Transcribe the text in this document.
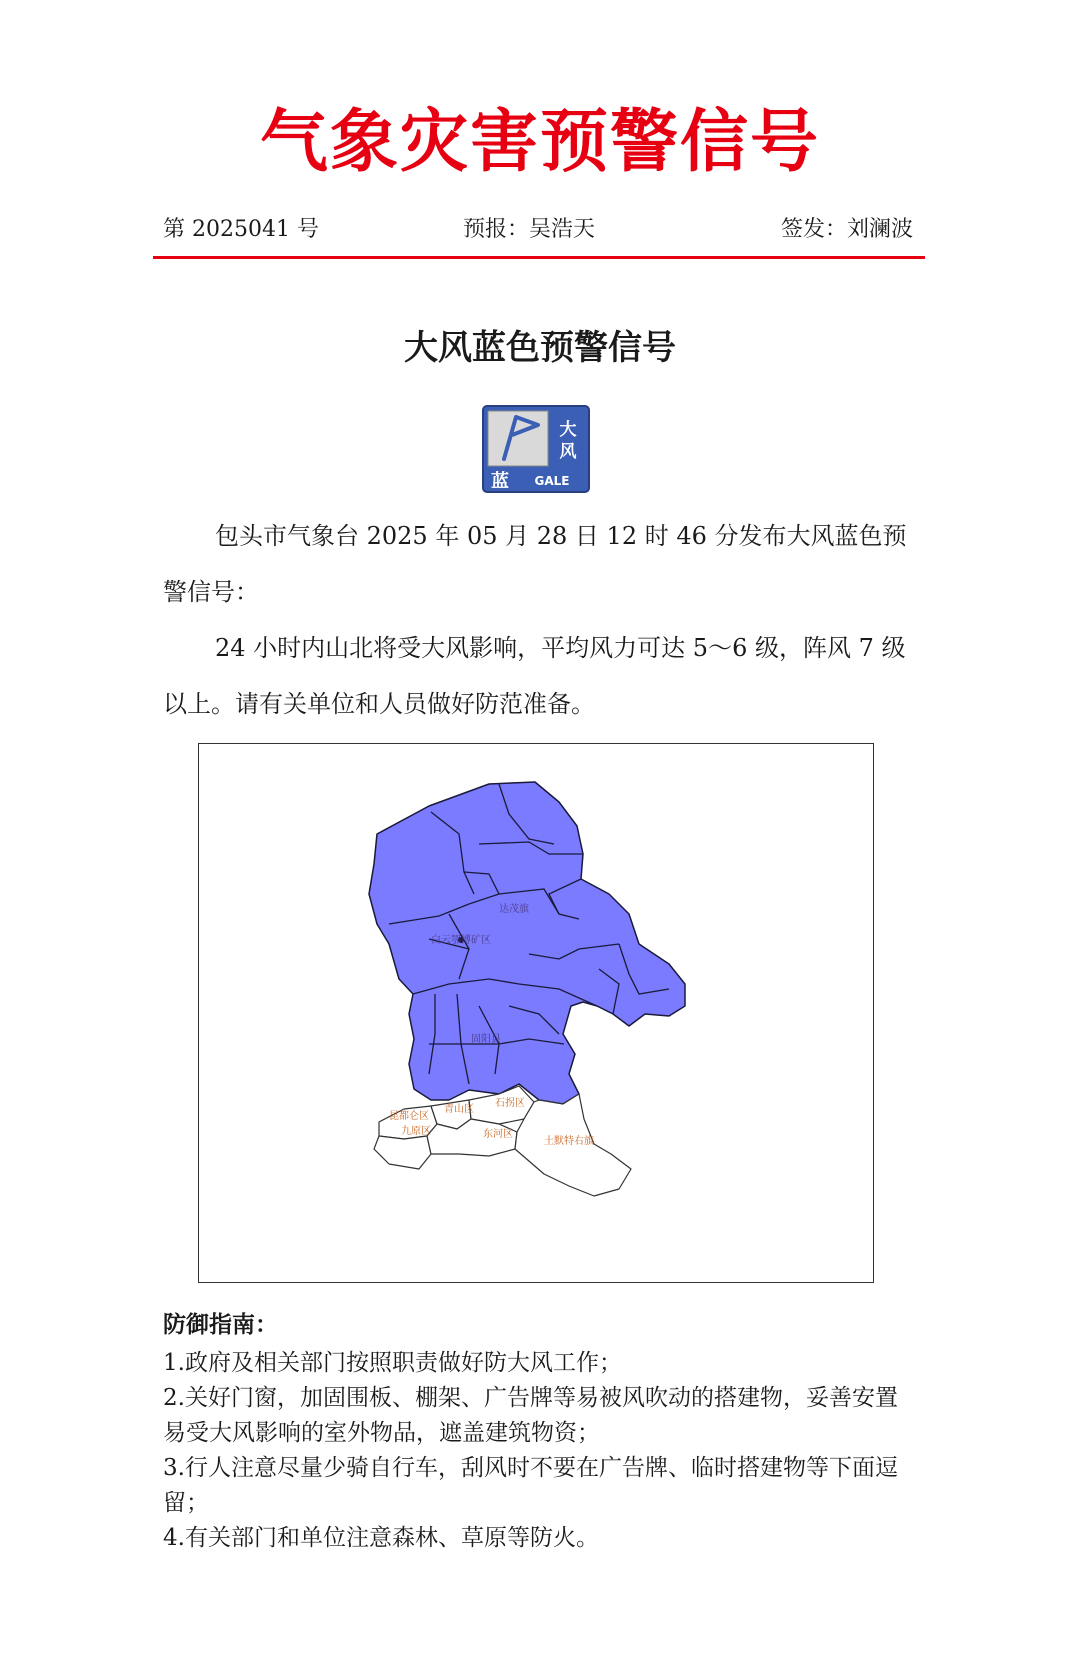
气象灾害预警信号
第 2025041 号	预报：吴浩天	签发：刘澜波
大风蓝色预警信号
大
风
蓝 GALE
包头市气象台 2025 年 05 月 28 日 12 时 46 分发布大风蓝色预警信号：
24 小时内山北将受大风影响，平均风力可达 5～6 级，阵风 7 级以上。请有关单位和人员做好防范准备。
达茂旗
白云鄂博矿区
固阳县
昆都仑区
青山区
石拐区
九原区	东河区
土默特右旗
防御指南：
1.政府及相关部门按照职责做好防大风工作；
2.关好门窗，加固围板、棚架、广告牌等易被风吹动的搭建物，妥善安置易受大风影响的室外物品，遮盖建筑物资；
3.行人注意尽量少骑自行车，刮风时不要在广告牌、临时搭建物等下面逗留；
4.有关部门和单位注意森林、草原等防火。
